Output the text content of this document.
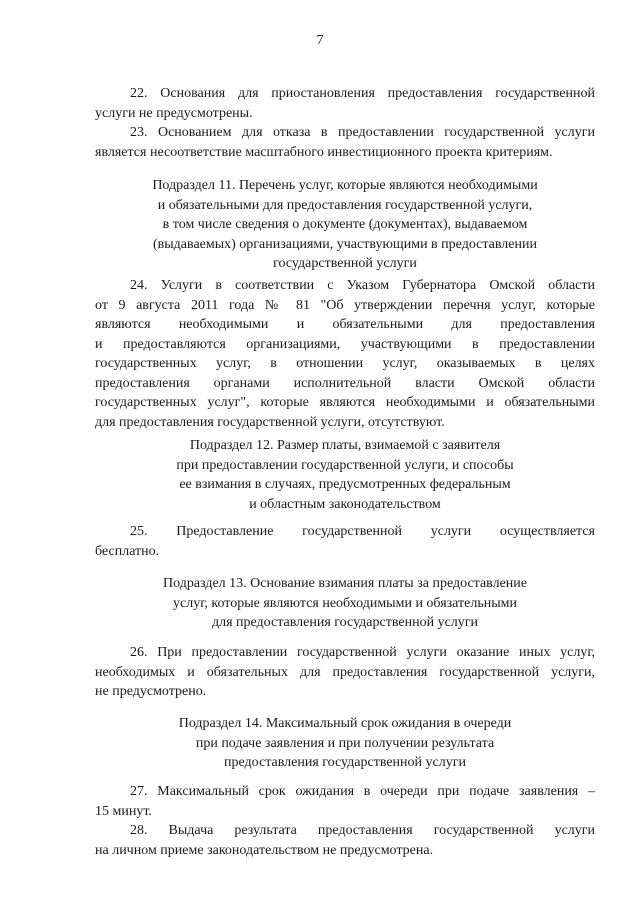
7
22. Основания для приостановления предоставления государственной
услуги не предусмотрены.
23. Основанием для отказа в предоставлении государственной услуги
является несоответствие масштабного инвестиционного проекта критериям.
Подраздел 11. Перечень услуг, которые являются необходимыми
и обязательными для предоставления государственной услуги,
в том числе сведения о документе (документах), выдаваемом
(выдаваемых) организациями, участвующими в предоставлении
государственной услуги
24. Услуги в соответствии с Указом Губернатора Омской области
от 9 августа 2011 года № 81 "Об утверждении перечня услуг, которые
являются необходимыми и обязательными для предоставления
и предоставляются организациями, участвующими в предоставлении
государственных услуг, в отношении услуг, оказываемых в целях
предоставления органами исполнительной власти Омской области
государственных услуг", которые являются необходимыми и обязательными
для предоставления государственной услуги, отсутствуют.
Подраздел 12. Размер платы, взимаемой с заявителя
при предоставлении государственной услуги, и способы
ее взимания в случаях, предусмотренных федеральным
и областным законодательством
25. Предоставление государственной услуги осуществляется
бесплатно.
Подраздел 13. Основание взимания платы за предоставление
услуг, которые являются необходимыми и обязательными
для предоставления государственной услуги
26. При предоставлении государственной услуги оказание иных услуг,
необходимых и обязательных для предоставления государственной услуги,
не предусмотрено.
Подраздел 14. Максимальный срок ожидания в очереди
при подаче заявления и при получении результата
предоставления государственной услуги
27. Максимальный срок ожидания в очереди при подаче заявления –
15 минут.
28. Выдача результата предоставления государственной услуги
на личном приеме законодательством не предусмотрена.
